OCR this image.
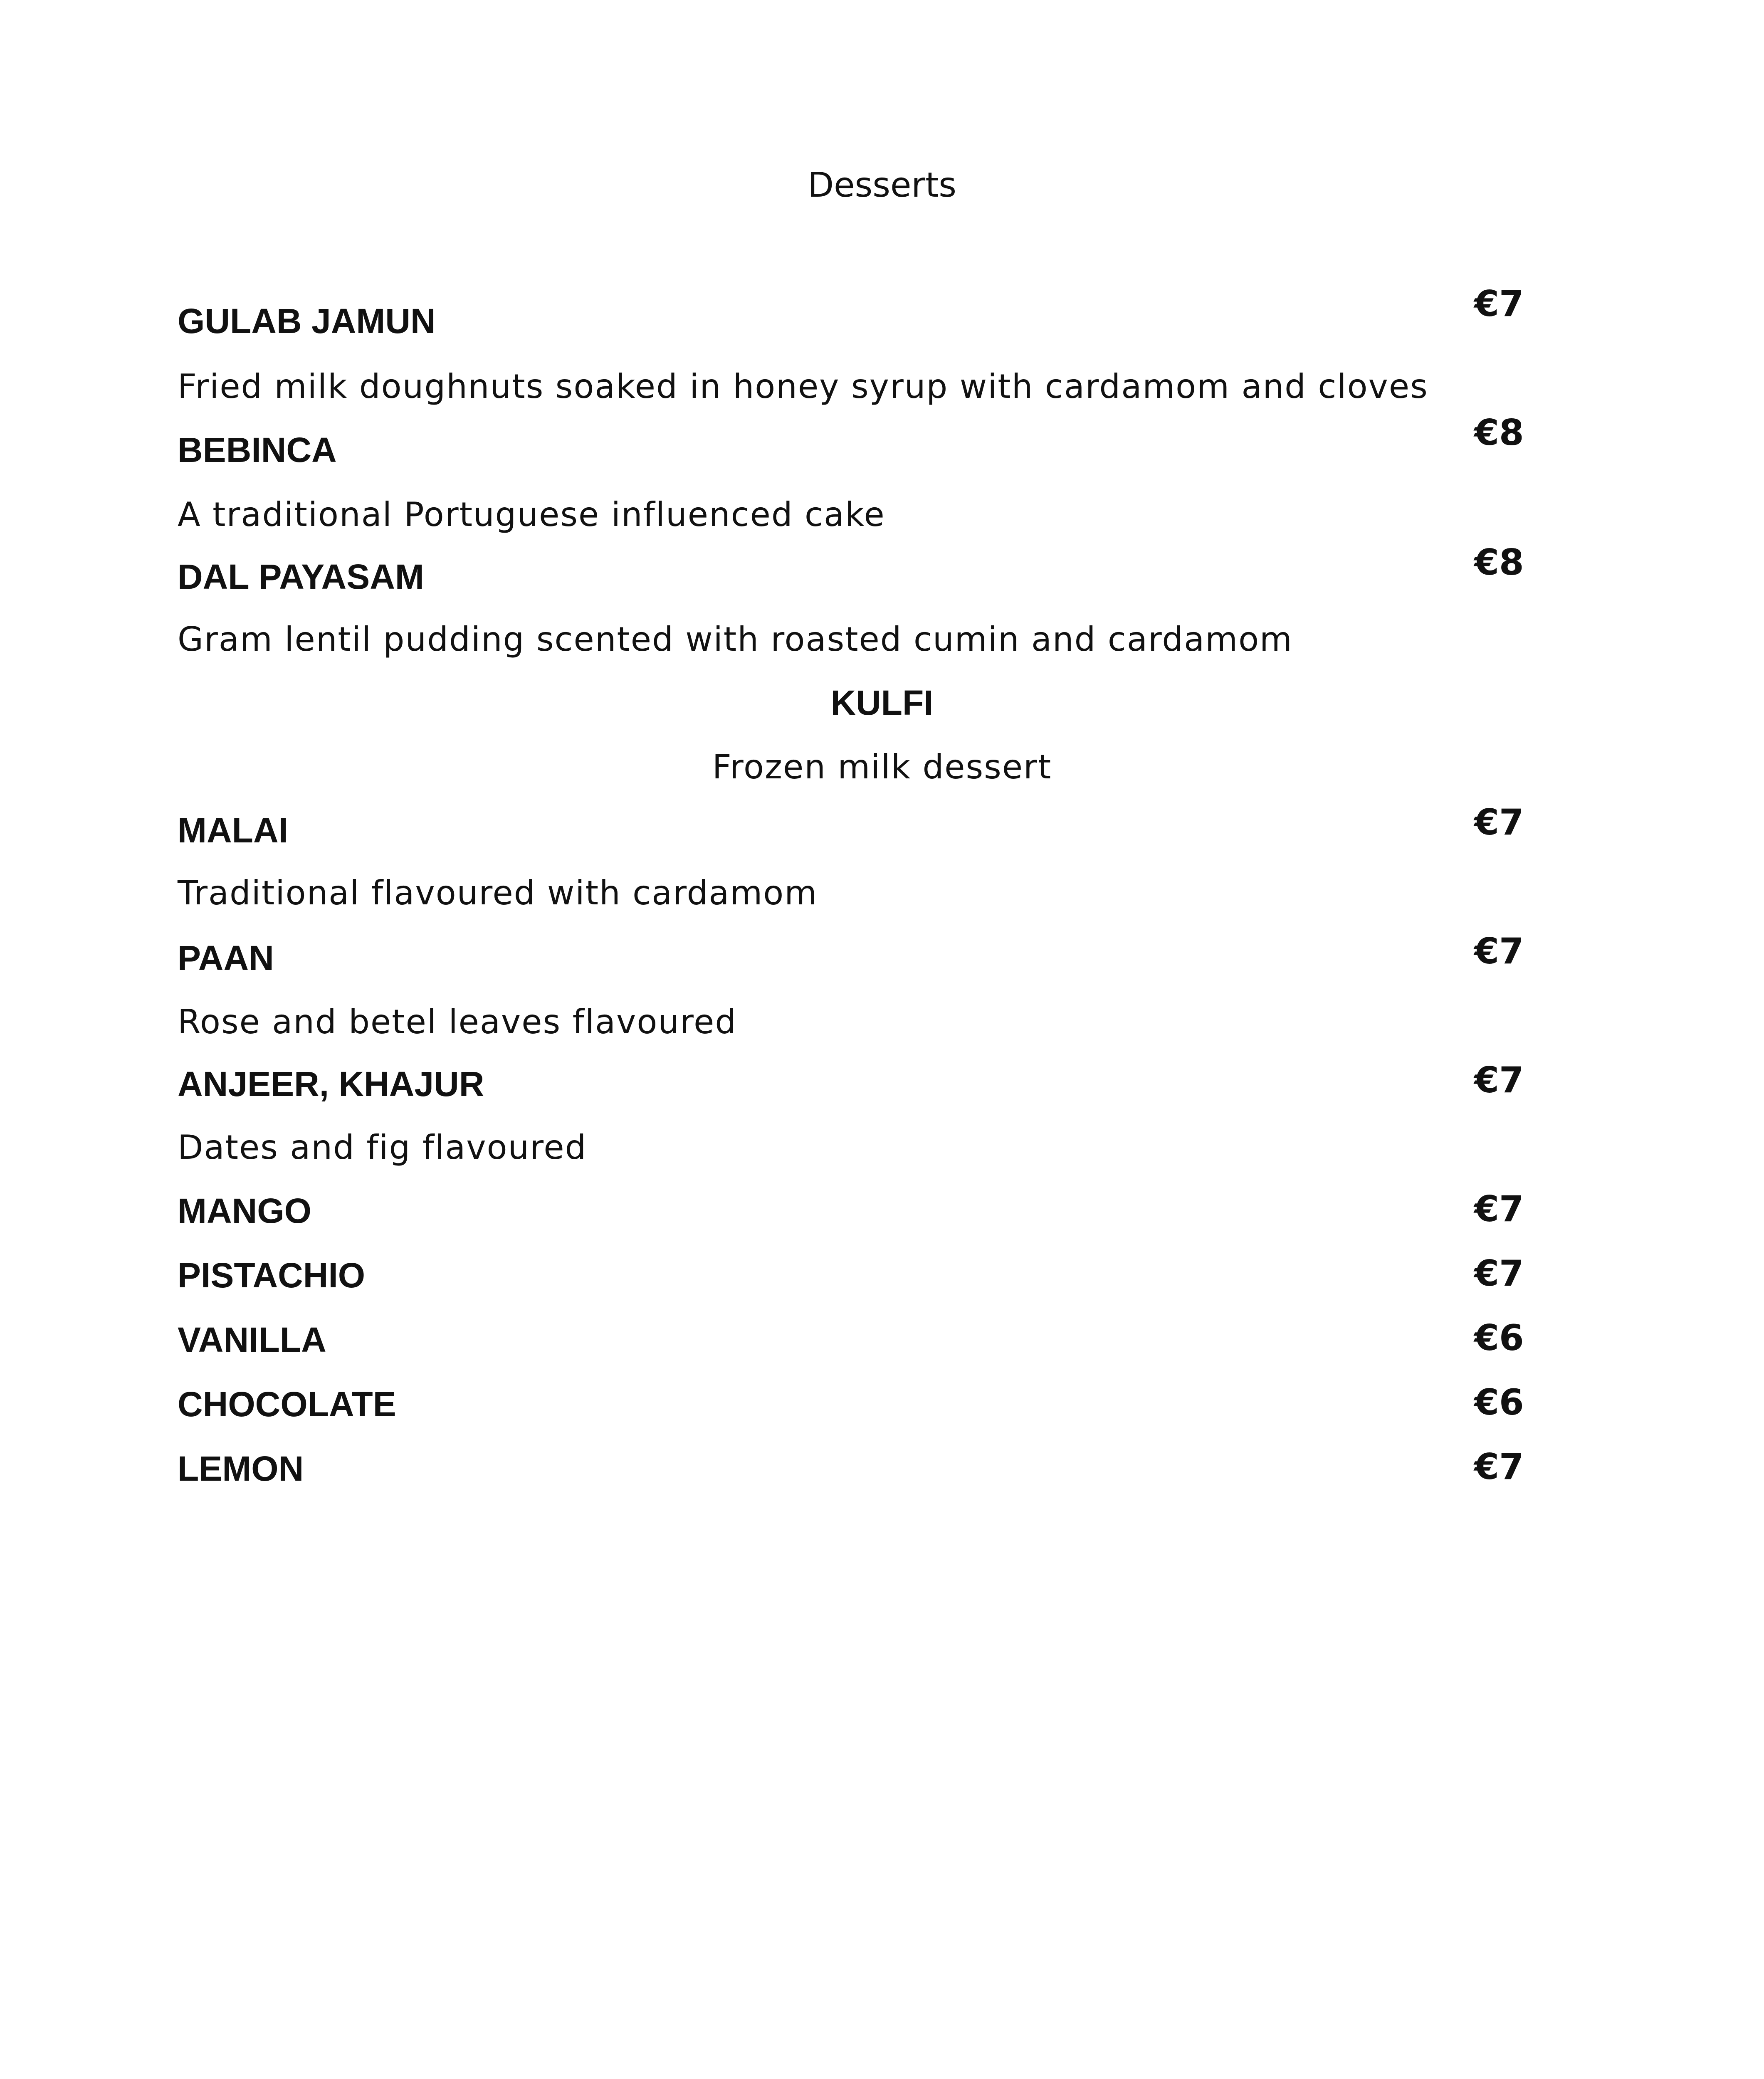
Desserts
GULAB JAMUN	€7
Fried milk doughnuts soaked in honey syrup with cardamom and cloves
BEBINCA	€8
A traditional Portuguese influenced cake
DAL PAYASAM	€8
Gram lentil pudding scented with roasted cumin and cardamom
KULFI
Frozen milk dessert
MALAI	€7
Traditional flavoured with cardamom
PAAN	€7
Rose and betel leaves flavoured
ANJEER, KHAJUR	€7
Dates and fig flavoured
MANGO	€7
PISTACHIO	€7
VANILLA	€6
CHOCOLATE	€6
LEMON	€7
